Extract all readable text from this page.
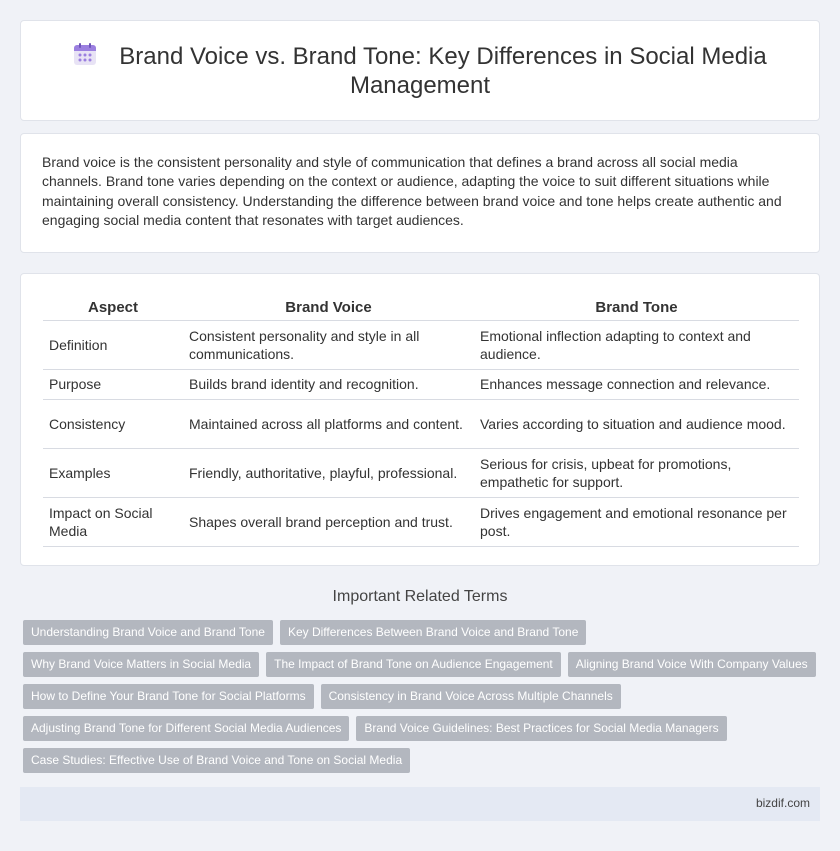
Brand Voice vs. Brand Tone: Key Differences in Social Media Management

Brand voice is the consistent personality and style of communication that defines a brand across all social media channels. Brand tone varies depending on the context or audience, adapting the voice to suit different situations while maintaining overall consistency. Understanding the difference between brand voice and tone helps create authentic and engaging social media content that resonates with target audiences.

Aspect	Brand Voice	Brand Tone
Definition	Consistent personality and style in all communications.	Emotional inflection adapting to context and audience.
Purpose	Builds brand identity and recognition.	Enhances message connection and relevance.
Consistency	Maintained across all platforms and content.	Varies according to situation and audience mood.
Examples	Friendly, authoritative, playful, professional.	Serious for crisis, upbeat for promotions, empathetic for support.
Impact on Social Media	Shapes overall brand perception and trust.	Drives engagement and emotional resonance per post.
Important Related Terms
Understanding Brand Voice and Brand Tone	Key Differences Between Brand Voice and Brand Tone
Why Brand Voice Matters in Social Media	The Impact of Brand Tone on Audience Engagement	Aligning Brand Voice With Company Values
How to Define Your Brand Tone for Social Platforms	Consistency in Brand Voice Across Multiple Channels
Adjusting Brand Tone for Different Social Media Audiences	Brand Voice Guidelines: Best Practices for Social Media Managers
Case Studies: Effective Use of Brand Voice and Tone on Social Media
bizdif.com
